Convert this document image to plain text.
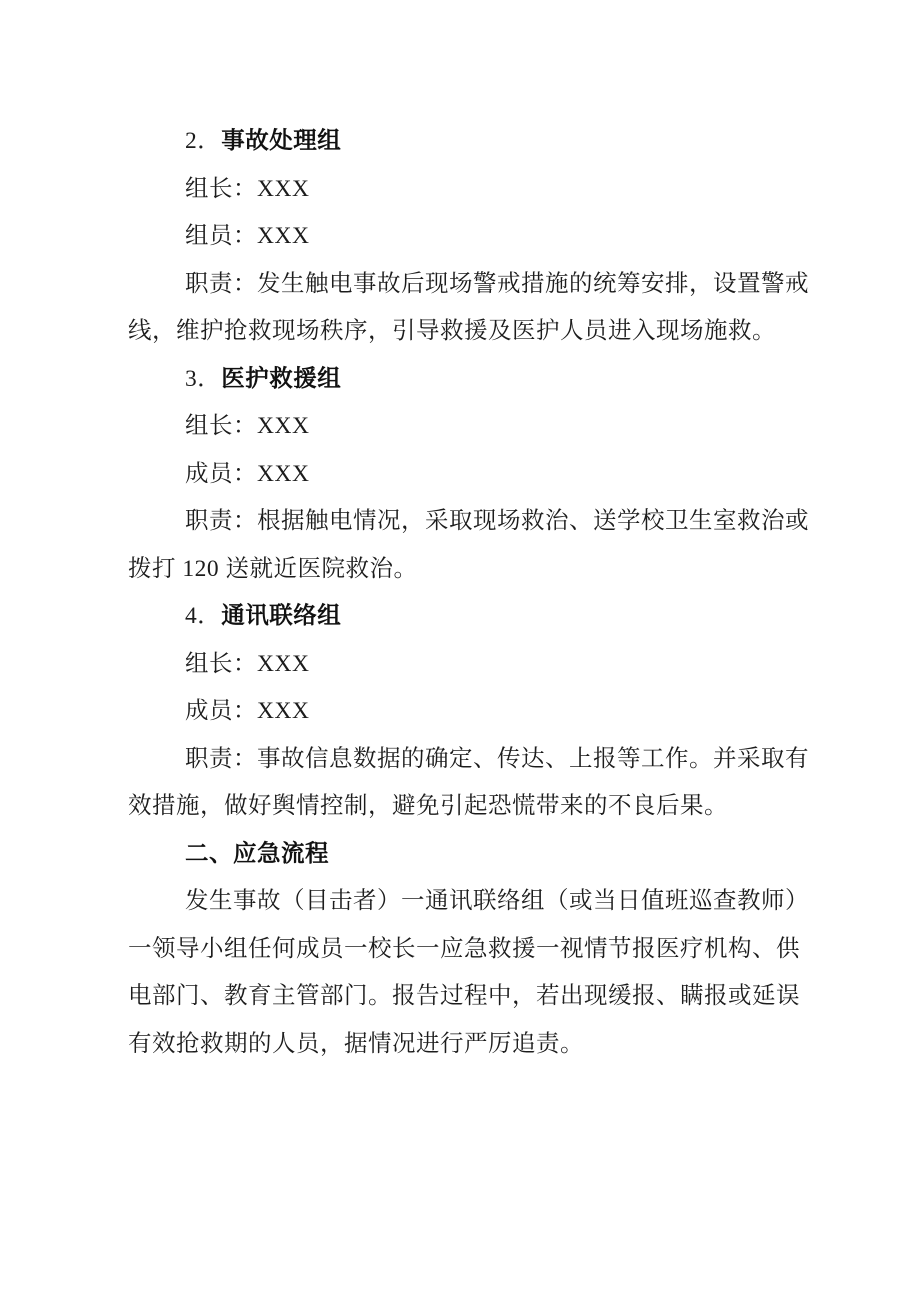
2．事故处理组
组长：XXX
组员：XXX
职责：发生触电事故后现场警戒措施的统筹安排，设置警戒
线，维护抢救现场秩序，引导救援及医护人员进入现场施救。
3．医护救援组
组长：XXX
成员：XXX
职责：根据触电情况，采取现场救治、送学校卫生室救治或
拨打 120 送就近医院救治。
4．通讯联络组
组长：XXX
成员：XXX
职责：事故信息数据的确定、传达、上报等工作。并采取有
效措施，做好舆情控制，避免引起恐慌带来的不良后果。
二、应急流程
发生事故（目击者）一通讯联络组（或当日值班巡查教师）
一领导小组任何成员一校长一应急救援一视情节报医疗机构、供
电部门、教育主管部门。报告过程中，若出现缓报、瞒报或延误
有效抢救期的人员，据情况进行严厉追责。
